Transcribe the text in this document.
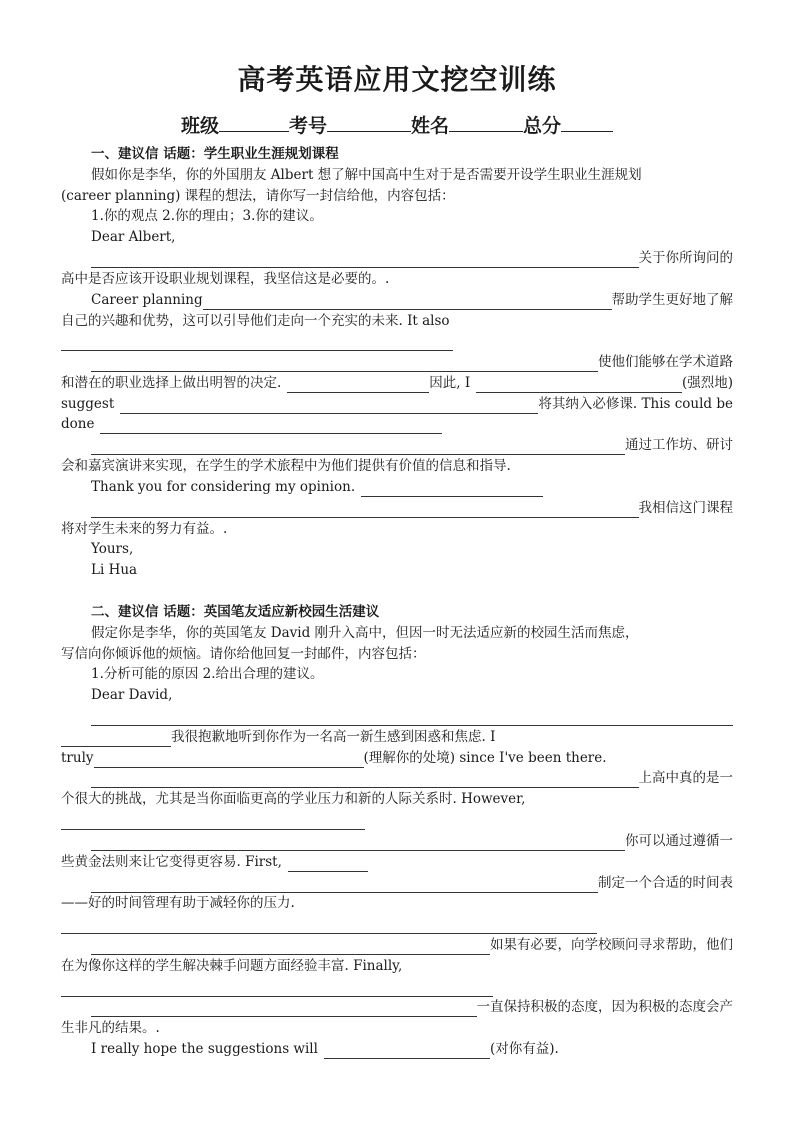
高考英语应用文挖空训练
班级	考号	姓名	总分
一、建议信 话题：学生职业生涯规划课程
假如你是李华，你的外国朋友 Albert 想了解中国高中生对于是否需要开设学生职业生涯规划
(career planning) 课程的想法，请你写一封信给他，内容包括：
1.你的观点 2.你的理由；3.你的建议。
Dear Albert,
关于你所询问的
高中是否应该开设职业规划课程，我坚信这是必要的。.
Career planning	帮助学生更好地了解
自己的兴趣和优势，这可以引导他们走向一个充实的未来. It also
使他们能够在学术道路
和潜在的职业选择上做出明智的决定.	因此, I	(强烈地)
suggest	将其纳入必修课. This could be
done
通过工作坊、研讨
会和嘉宾演讲来实现，在学生的学术旅程中为他们提供有价值的信息和指导.
Thank you for considering my opinion.
我相信这门课程
将对学生未来的努力有益。.
Yours,
Li Hua
二、建议信 话题：英国笔友适应新校园生活建议
假定你是李华，你的英国笔友 David 刚升入高中，但因一时无法适应新的校园生活而焦虑，
写信向你倾诉他的烦恼。请你给他回复一封邮件，内容包括：
1.分析可能的原因 2.给出合理的建议。
Dear David,
我很抱歉地听到你作为一名高一新生感到困惑和焦虑. I
truly	(理解你的处境) since I've been there.
上高中真的是一
个很大的挑战，尤其是当你面临更高的学业压力和新的人际关系时. However,
你可以通过遵循一
些黄金法则来让它变得更容易. First,
制定一个合适的时间表
——好的时间管理有助于减轻你的压力.
如果有必要，向学校顾问寻求帮助，他们
在为像你这样的学生解决棘手问题方面经验丰富. Finally,
一直保持积极的态度，因为积极的态度会产
生非凡的结果。.
I really hope the suggestions will	(对你有益).
